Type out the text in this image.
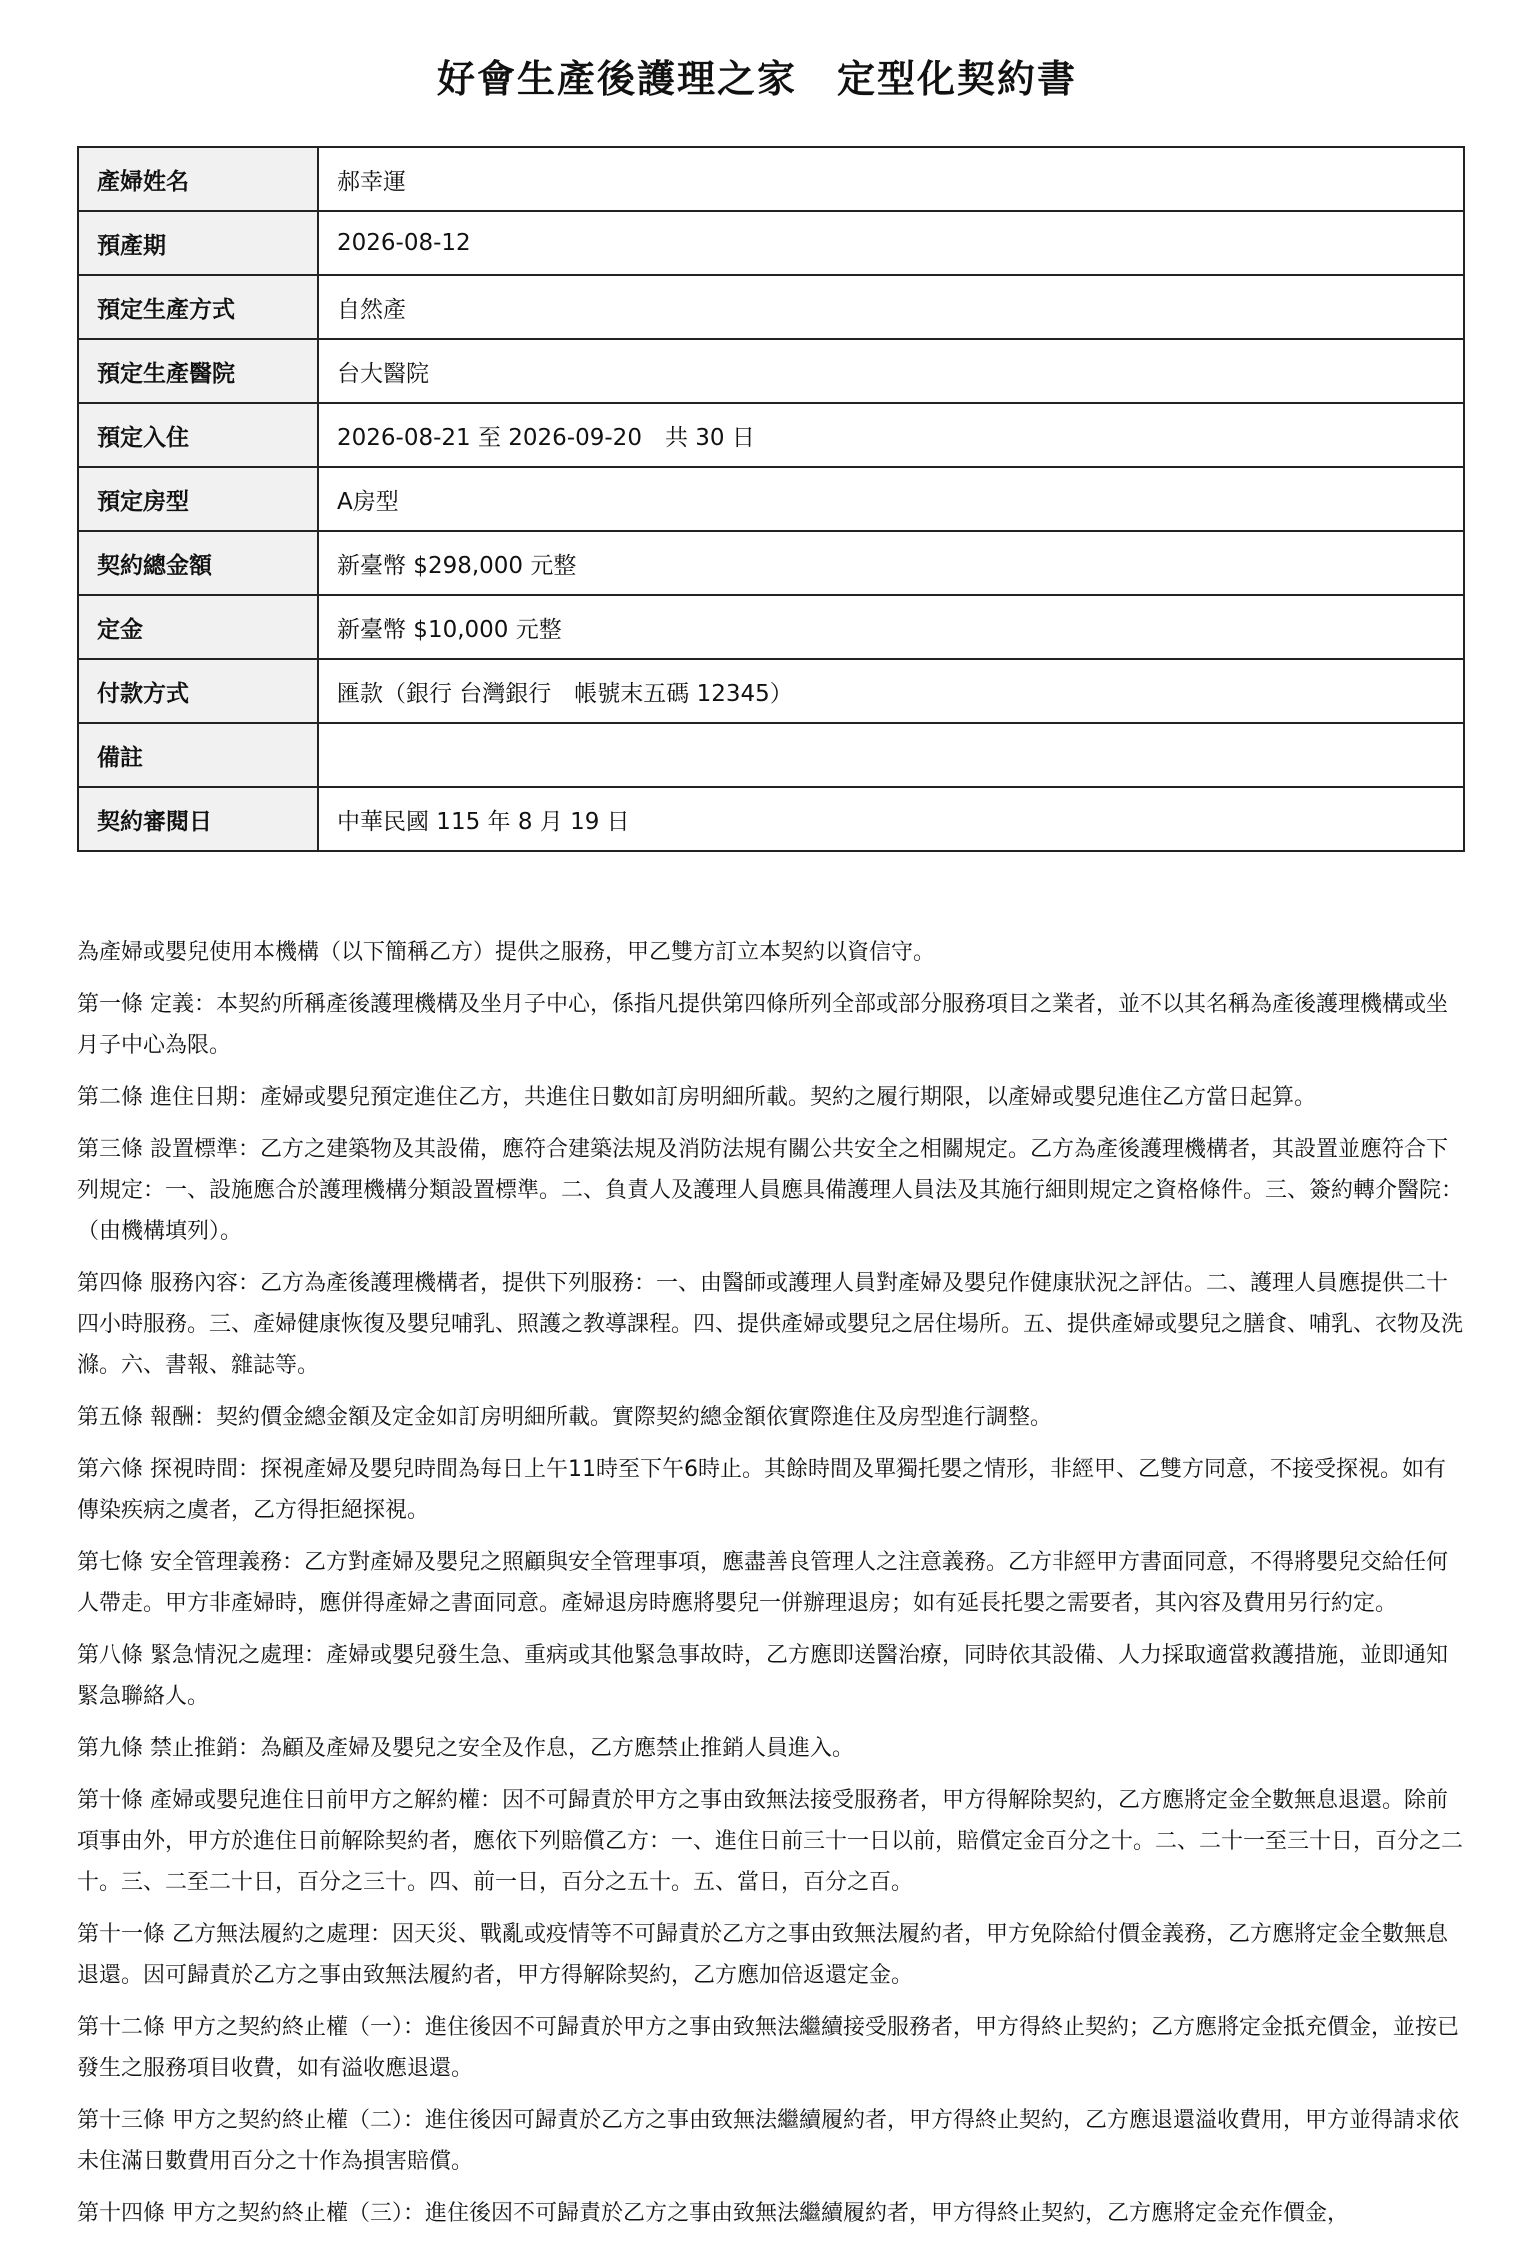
好會生產後護理之家　定型化契約書
產婦姓名	郝幸運
預產期	2026-08-12
預定生產方式	自然產
預定生產醫院	台大醫院
預定入住	2026-08-21 至 2026-09-20　共 30 日
預定房型	A房型
契約總金額	新臺幣 $298,000 元整
定金	新臺幣 $10,000 元整
付款方式	匯款（銀行 台灣銀行　帳號末五碼 12345）
備註	
契約審閱日	中華民國 115 年 8 月 19 日

為產婦或嬰兒使用本機構（以下簡稱乙方）提供之服務，甲乙雙方訂立本契約以資信守。

第一條 定義：本契約所稱產後護理機構及坐月子中心，係指凡提供第四條所列全部或部分服務項目之業者，並不以其名稱為產後護理機構或坐月子中心為限。

第二條 進住日期：產婦或嬰兒預定進住乙方，共進住日數如訂房明細所載。契約之履行期限，以產婦或嬰兒進住乙方當日起算。

第三條 設置標準：乙方之建築物及其設備，應符合建築法規及消防法規有關公共安全之相關規定。乙方為產後護理機構者，其設置並應符合下列規定：一、設施應合於護理機構分類設置標準。二、負責人及護理人員應具備護理人員法及其施行細則規定之資格條件。三、簽約轉介醫院：（由機構填列）。

第四條 服務內容：乙方為產後護理機構者，提供下列服務：一、由醫師或護理人員對產婦及嬰兒作健康狀況之評估。二、護理人員應提供二十四小時服務。三、產婦健康恢復及嬰兒哺乳、照護之教導課程。四、提供產婦或嬰兒之居住場所。五、提供產婦或嬰兒之膳食、哺乳、衣物及洗滌。六、書報、雜誌等。

第五條 報酬：契約價金總金額及定金如訂房明細所載。實際契約總金額依實際進住及房型進行調整。

第六條 探視時間：探視產婦及嬰兒時間為每日上午11時至下午6時止。其餘時間及單獨托嬰之情形，非經甲、乙雙方同意，不接受探視。如有傳染疾病之虞者，乙方得拒絕探視。

第七條 安全管理義務：乙方對產婦及嬰兒之照顧與安全管理事項，應盡善良管理人之注意義務。乙方非經甲方書面同意，不得將嬰兒交給任何人帶走。甲方非產婦時，應併得產婦之書面同意。產婦退房時應將嬰兒一併辦理退房；如有延長托嬰之需要者，其內容及費用另行約定。

第八條 緊急情況之處理：產婦或嬰兒發生急、重病或其他緊急事故時，乙方應即送醫治療，同時依其設備、人力採取適當救護措施，並即通知緊急聯絡人。

第九條 禁止推銷：為顧及產婦及嬰兒之安全及作息，乙方應禁止推銷人員進入。

第十條 產婦或嬰兒進住日前甲方之解約權：因不可歸責於甲方之事由致無法接受服務者，甲方得解除契約，乙方應將定金全數無息退還。除前項事由外，甲方於進住日前解除契約者，應依下列賠償乙方：一、進住日前三十一日以前，賠償定金百分之十。二、二十一至三十日，百分之二十。三、二至二十日，百分之三十。四、前一日，百分之五十。五、當日，百分之百。

第十一條 乙方無法履約之處理：因天災、戰亂或疫情等不可歸責於乙方之事由致無法履約者，甲方免除給付價金義務，乙方應將定金全數無息退還。因可歸責於乙方之事由致無法履約者，甲方得解除契約，乙方應加倍返還定金。

第十二條 甲方之契約終止權（一）：進住後因不可歸責於甲方之事由致無法繼續接受服務者，甲方得終止契約；乙方應將定金抵充價金，並按已發生之服務項目收費，如有溢收應退還。

第十三條 甲方之契約終止權（二）：進住後因可歸責於乙方之事由致無法繼續履約者，甲方得終止契約，乙方應退還溢收費用，甲方並得請求依未住滿日數費用百分之十作為損害賠償。

第十四條 甲方之契約終止權（三）：進住後因不可歸責於乙方之事由致無法繼續履約者，甲方得終止契約，乙方應將定金充作價金，
